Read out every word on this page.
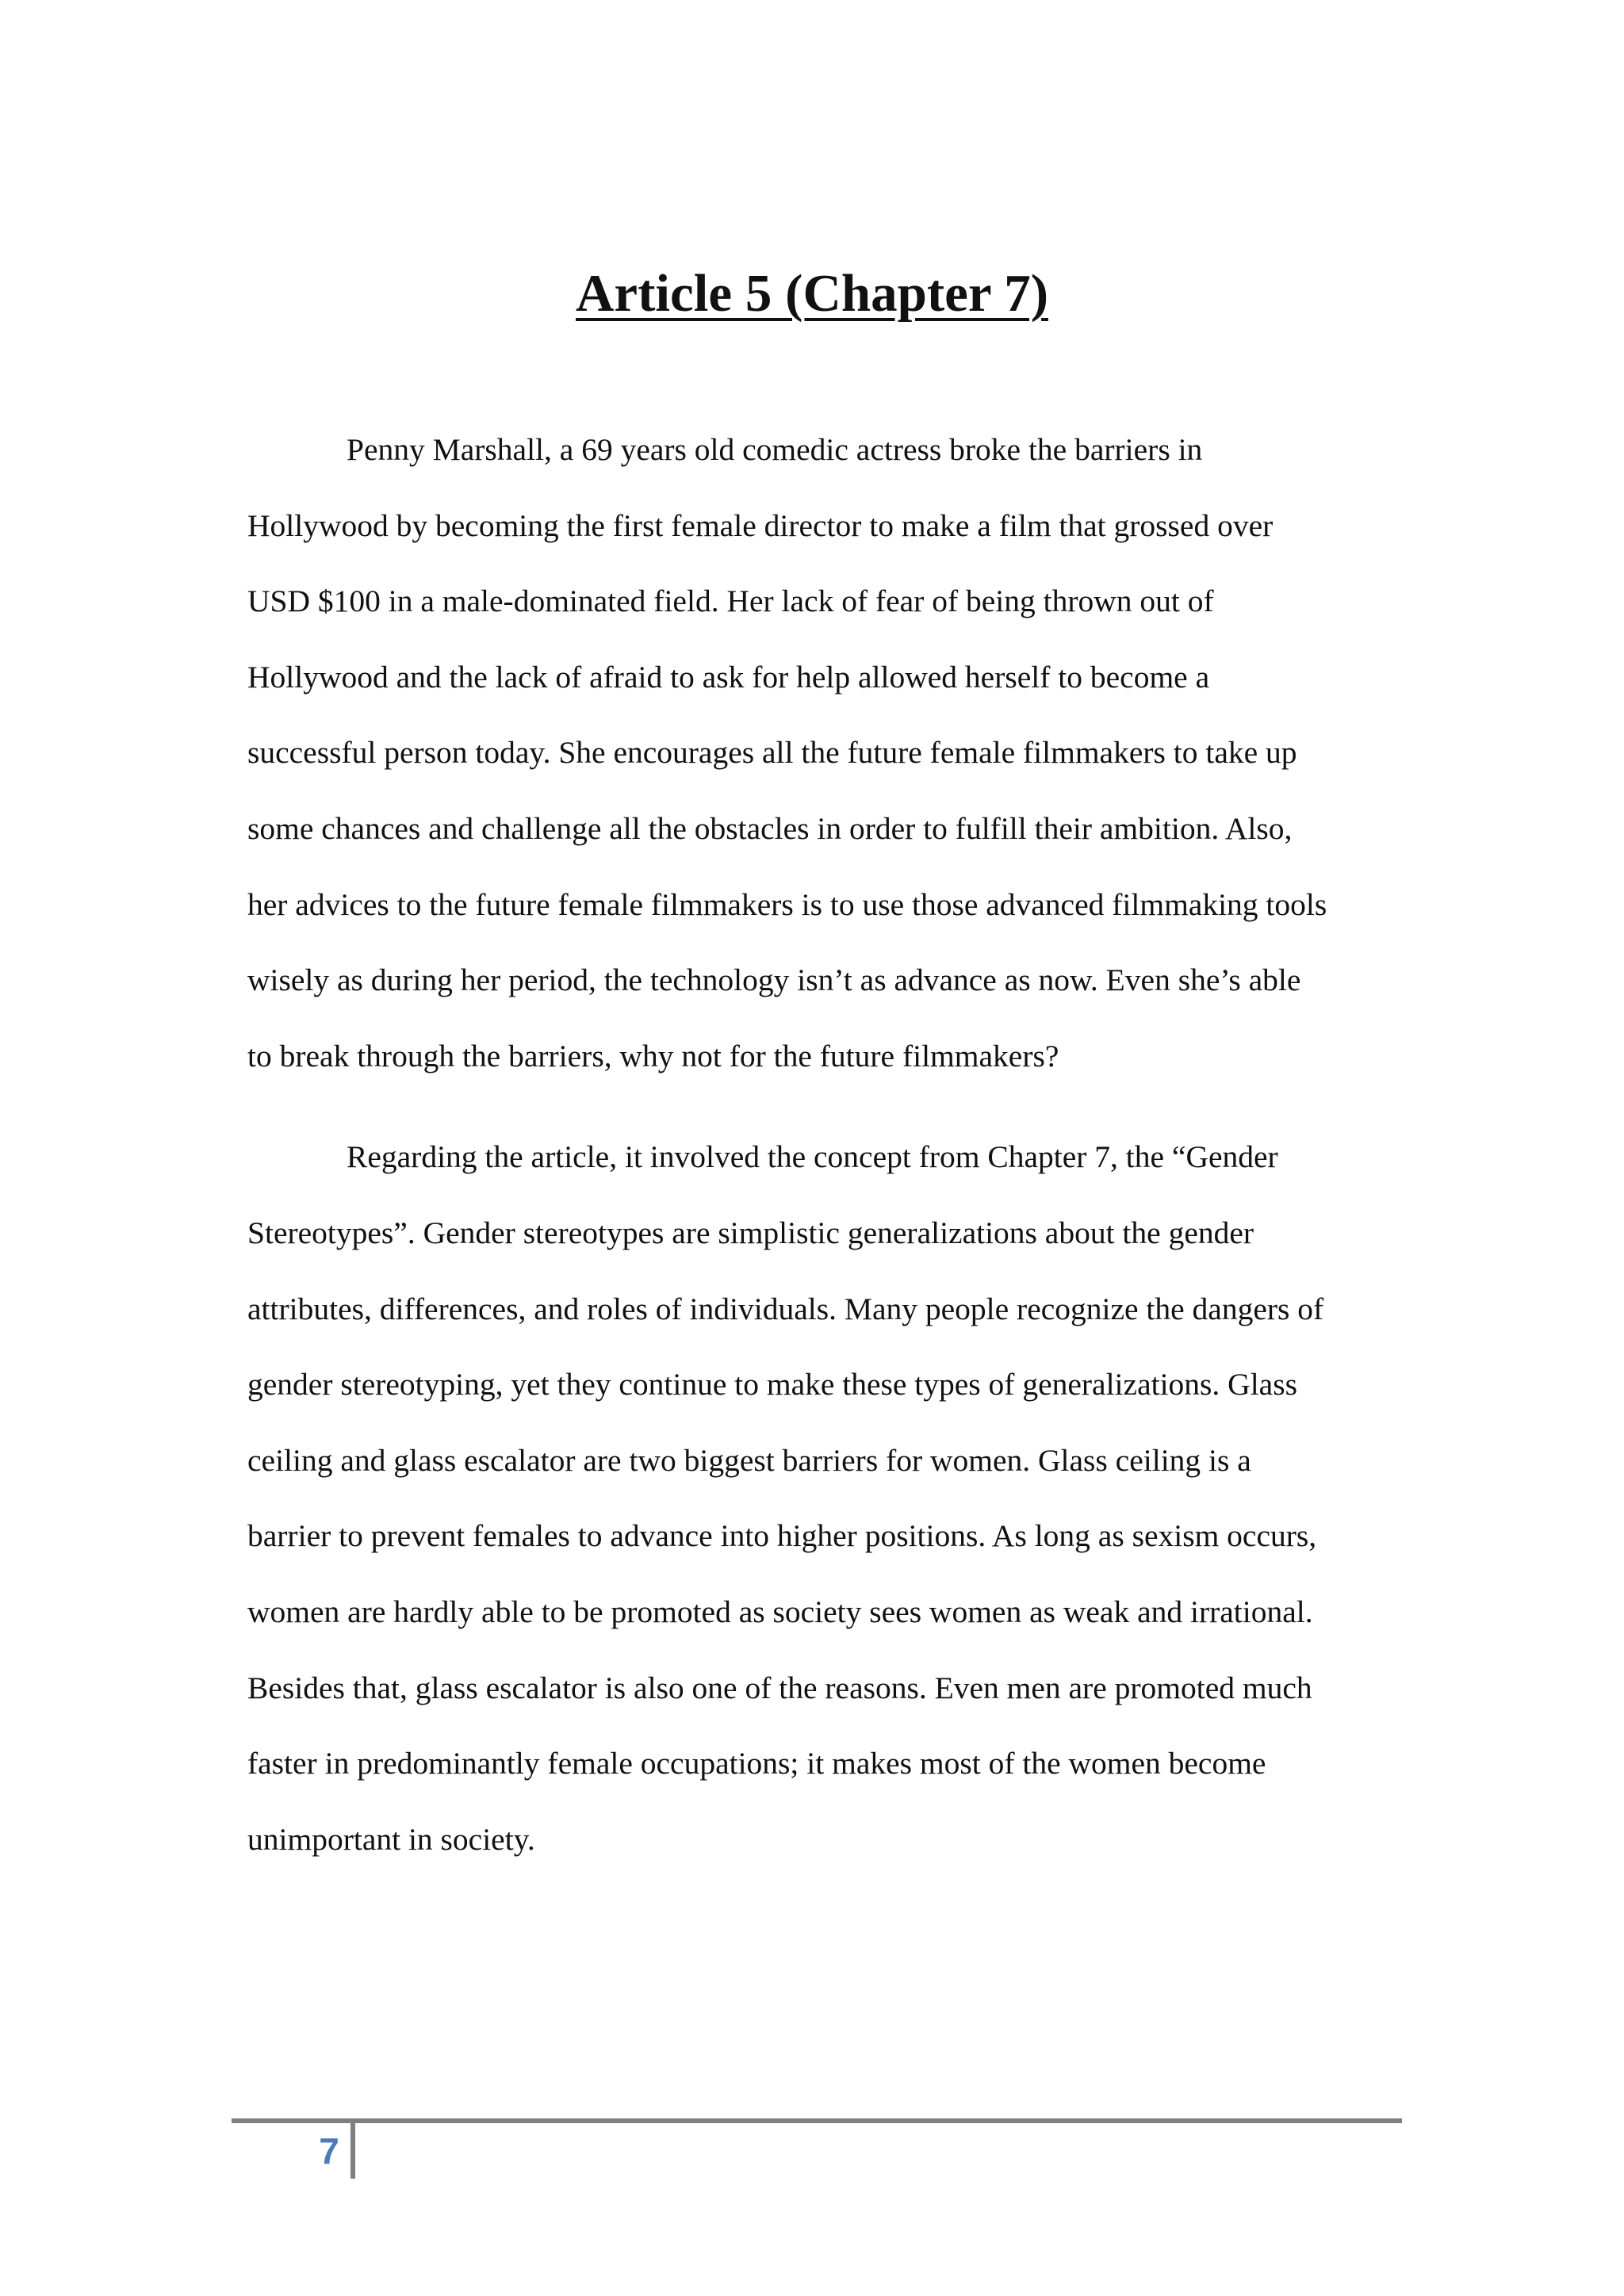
Article 5 (Chapter 7)

Penny Marshall, a 69 years old comedic actress broke the barriers in
Hollywood by becoming the first female director to make a film that grossed over
USD $100 in a male-dominated field. Her lack of fear of being thrown out of
Hollywood and the lack of afraid to ask for help allowed herself to become a
successful person today. She encourages all the future female filmmakers to take up
some chances and challenge all the obstacles in order to fulfill their ambition. Also,
her advices to the future female filmmakers is to use those advanced filmmaking tools
wisely as during her period, the technology isn’t as advance as now. Even she’s able
to break through the barriers, why not for the future filmmakers?

Regarding the article, it involved the concept from Chapter 7, the “Gender
Stereotypes”. Gender stereotypes are simplistic generalizations about the gender
attributes, differences, and roles of individuals. Many people recognize the dangers of
gender stereotyping, yet they continue to make these types of generalizations. Glass
ceiling and glass escalator are two biggest barriers for women. Glass ceiling is a
barrier to prevent females to advance into higher positions. As long as sexism occurs,
women are hardly able to be promoted as society sees women as weak and irrational.
Besides that, glass escalator is also one of the reasons. Even men are promoted much
faster in predominantly female occupations; it makes most of the women become
unimportant in society.

7
